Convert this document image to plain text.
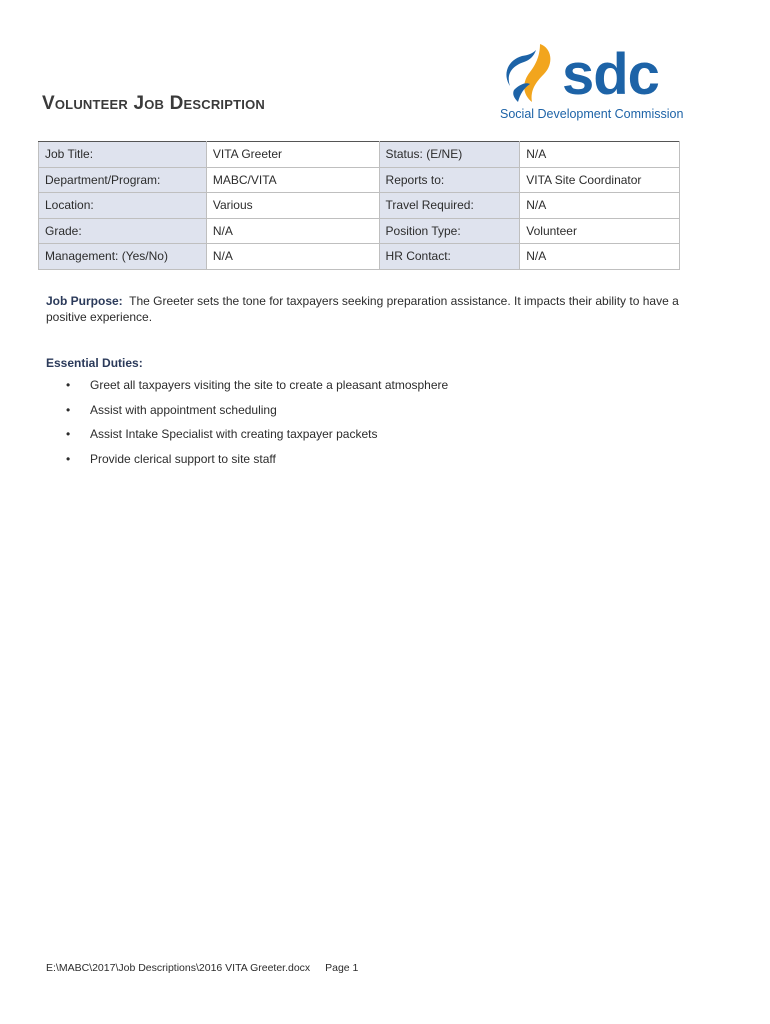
Volunteer Job Description	sdc
Social Development Commission
Job Title:	VITA Greeter	Status: (E/NE)	N/A
Department/Program:	MABC/VITA	Reports to:	VITA Site Coordinator
Location:	Various	Travel Required:	N/A
Grade:	N/A	Position Type:	Volunteer
Management: (Yes/No)	N/A	HR Contact:	N/A
Job Purpose: The Greeter sets the tone for taxpayers seeking preparation assistance. It impacts their ability to have a positive experience.
Essential Duties:
• Greet all taxpayers visiting the site to create a pleasant atmosphere
• Assist with appointment scheduling
• Assist Intake Specialist with creating taxpayer packets
• Provide clerical support to site staff
E:\MABC\2017\Job Descriptions\2016 VITA Greeter.docx Page 1
